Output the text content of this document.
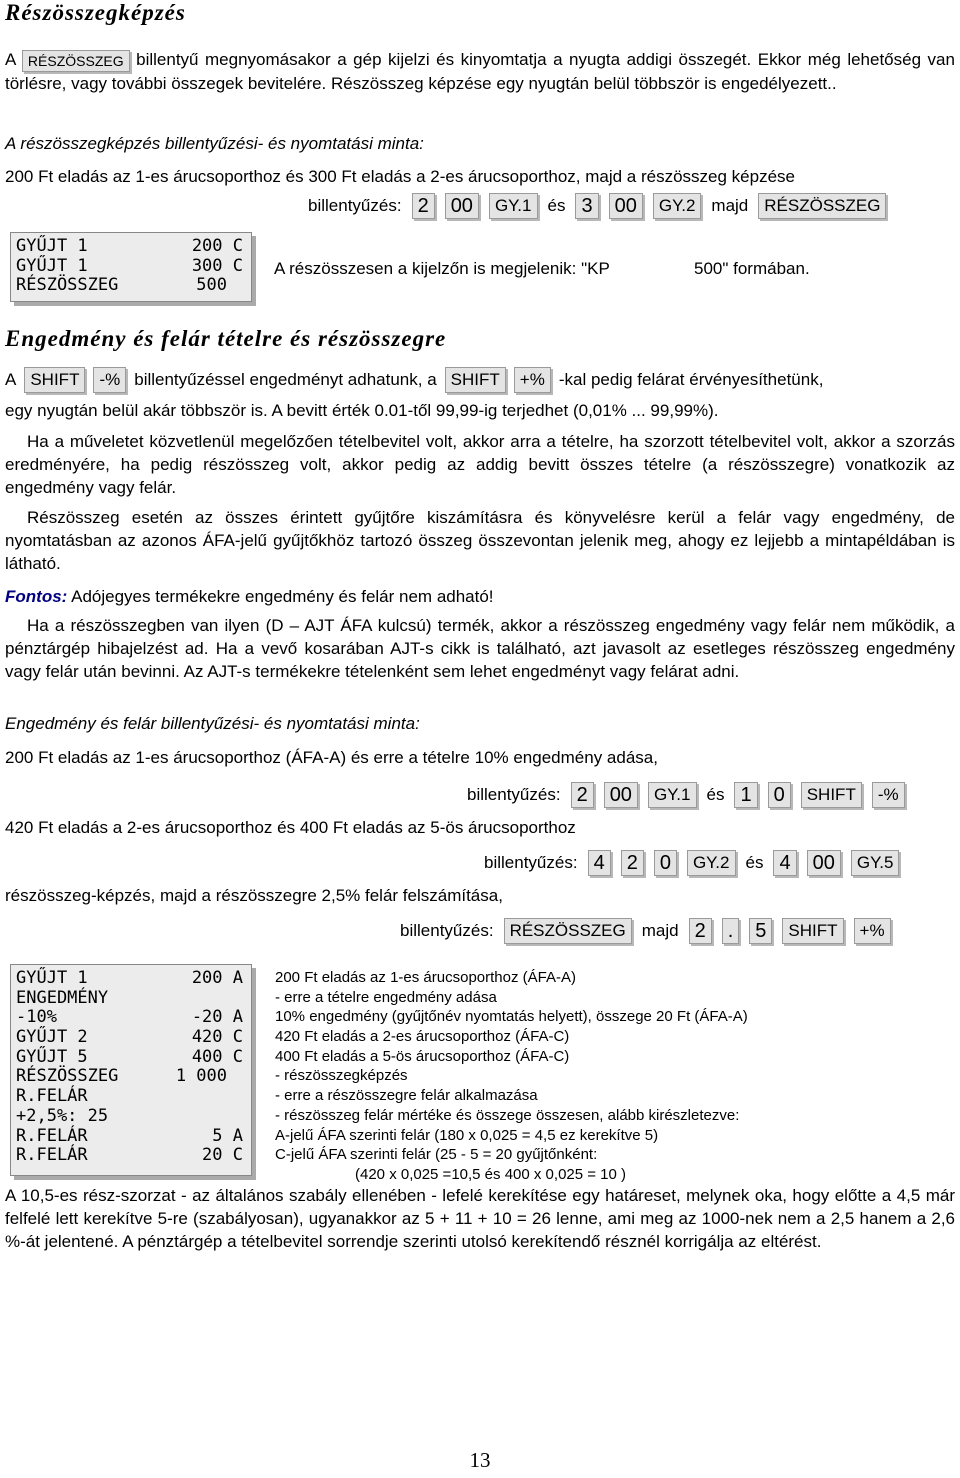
Részösszegképzés
A RÉSZÖSSZEG billentyű megnyomásakor a gép kijelzi és kinyomtatja a nyugta addigi összegét. Ekkor még lehetőség van törlésre, vagy további összegek bevitelére. Részösszeg képzése egy nyugtán belül többször is engedélyezett..
A részösszegképzés billentyűzési- és nyomtatási minta:
200 Ft eladás az 1-es árucsoporthoz és 300 Ft eladás a 2-es árucsoporthoz, majd a részösszeg képzése
billentyűzés: 2	00	GY.1 és 3	00	GY.2 majd RÉSZÖSSZEG
GYŰJT 1	200 C
GYŰJT 1	300 C
RÉSZÖSSZEG	500
A részösszesen a kijelzőn is megjelenik: "KP	500" formában.
Engedmény és felár tételre és részösszegre
A SHIFT	-% billentyűzéssel engedményt adhatunk, a SHIFT	+% -kal pedig felárat érvényesíthetünk,
egy nyugtán belül akár többször is. A bevitt érték 0.01-től 99,99-ig terjedhet (0,01% ... 99,99%).
Ha a műveletet közvetlenül megelőzően tételbevitel volt, akkor arra a tételre, ha szorzott tételbevitel volt, akkor a szorzás eredményére, ha pedig részösszeg volt, akkor pedig az addig bevitt összes tételre (a részösszegre) vonatkozik az engedmény vagy felár.
Részösszeg esetén az összes érintett gyűjtőre kiszámításra és könyvelésre kerül a felár vagy engedmény, de nyomtatásban az azonos ÁFA-jelű gyűjtőkhöz tartozó összeg összevontan jelenik meg, ahogy ez lejjebb a mintapéldában is látható.
Fontos: Adójegyes termékekre engedmény és felár nem adható!
Ha a részösszegben van ilyen (D – AJT ÁFA kulcsú) termék, akkor a részösszeg engedmény vagy felár nem működik, a pénztárgép hibajelzést ad. Ha a vevő kosarában AJT-s cikk is található, azt javasolt az esetleges részösszeg engedmény vagy felár után bevinni. Az AJT-s termékekre tételenként sem lehet engedményt vagy felárat adni.
Engedmény és felár billentyűzési- és nyomtatási minta:
200 Ft eladás az 1-es árucsoporthoz (ÁFA-A) és erre a tételre 10% engedmény adása,
billentyűzés: 2	00	GY.1 és 1	0	SHIFT	-%
420 Ft eladás a 2-es árucsoporthoz és 400 Ft eladás az 5-ös árucsoporthoz
billentyűzés: 4	2	0	GY.2 és 4	00	GY.5
részösszeg-képzés, majd a részösszegre 2,5% felár felszámítása,
billentyűzés: RÉSZÖSSZEG majd 2	.	5	SHIFT	+%
GYŰJT 1	200 A
ENGEDMÉNY
-10%	-20 A
GYŰJT 2	420 C
GYŰJT 5	400 C
RÉSZÖSSZEG	1 000
R.FELÁR
+2,5%: 25
R.FELÁR	5 A
R.FELÁR	20 C
200 Ft eladás az 1-es árucsoporthoz (ÁFA-A)
- erre a tételre engedmény adása
10% engedmény (gyűjtőnév nyomtatás helyett), összege 20 Ft (ÁFA-A)
420 Ft eladás a 2-es árucsoporthoz (ÁFA-C)
400 Ft eladás a 5-ös árucsoporthoz (ÁFA-C)
- részösszegképzés
- erre a részösszegre felár alkalmazása
- részösszeg felár mértéke és összege összesen, alább kirészletezve:
A-jelű ÁFA szerinti felár (180 x 0,025 = 4,5 ez kerekítve 5)
C-jelű ÁFA szerinti felár (25 - 5 = 20 gyűjtőnként:
(420 x 0,025 =10,5 és 400 x 0,025 = 10 )
A 10,5-es rész-szorzat - az általános szabály ellenében - lefelé kerekítése egy határeset, melynek oka, hogy előtte a 4,5 már felfelé lett kerekítve 5-re (szabályosan), ugyanakkor az 5 + 11 + 10 = 26 lenne, ami meg az 1000-nek nem a 2,5 hanem a 2,6 %-át jelentené. A pénztárgép a tételbevitel sorrendje szerinti utolsó kerekítendő résznél korrigálja az eltérést.
13
